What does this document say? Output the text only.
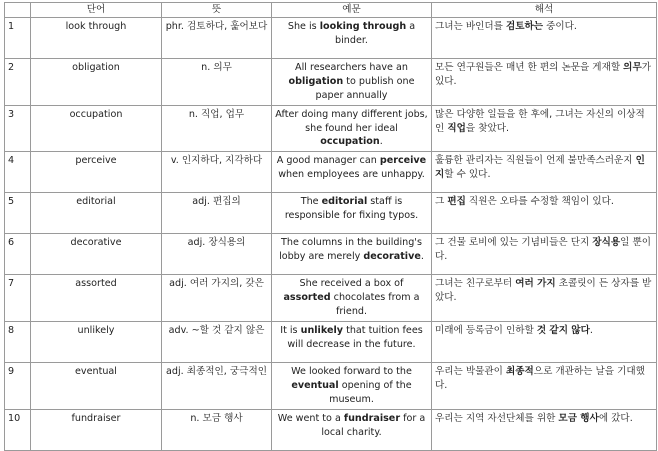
	단어	뜻	예문	해석
1	look through	phr. 검토하다, 훑어보다	She is looking through a binder.	그녀는 바인더를 검토하는 중이다.
2	obligation	n. 의무	All researchers have an obligation to publish one paper annually	모든 연구원들은 매년 한 편의 논문을 게재할 의무가 있다.
3	occupation	n. 직업, 업무	After doing many different jobs, she found her ideal occupation.	많은 다양한 일들을 한 후에, 그녀는 자신의 이상적인 직업을 찾았다.
4	perceive	v. 인지하다, 지각하다	A good manager can perceive when employees are unhappy.	훌륭한 관리자는 직원들이 언제 불만족스러운지 인지할 수 있다.
5	editorial	adj. 편집의	The editorial staff is responsible for fixing typos.	그 편집 직원은 오타를 수정할 책임이 있다.
6	decorative	adj. 장식용의	The columns in the building's lobby are merely decorative.	그 건물 로비에 있는 기념비들은 단지 장식용일 뿐이다.
7	assorted	adj. 여러 가지의, 갖은	She received a box of assorted chocolates from a friend.	그녀는 친구로부터 여러 가지 초콜릿이 든 상자를 받았다.
8	unlikely	adv. ~할 것 같지 않은	It is unlikely that tuition fees will decrease in the future.	미래에 등록금이 인하할 것 같지 않다.
9	eventual	adj. 최종적인, 궁극적인	We looked forward to the eventual opening of the museum.	우리는 박물관이 최종적으로 개관하는 날을 기대했다.
10	fundraiser	n. 모금 행사	We went to a fundraiser for a local charity.	우리는 지역 자선단체를 위한 모금 행사에 갔다.
